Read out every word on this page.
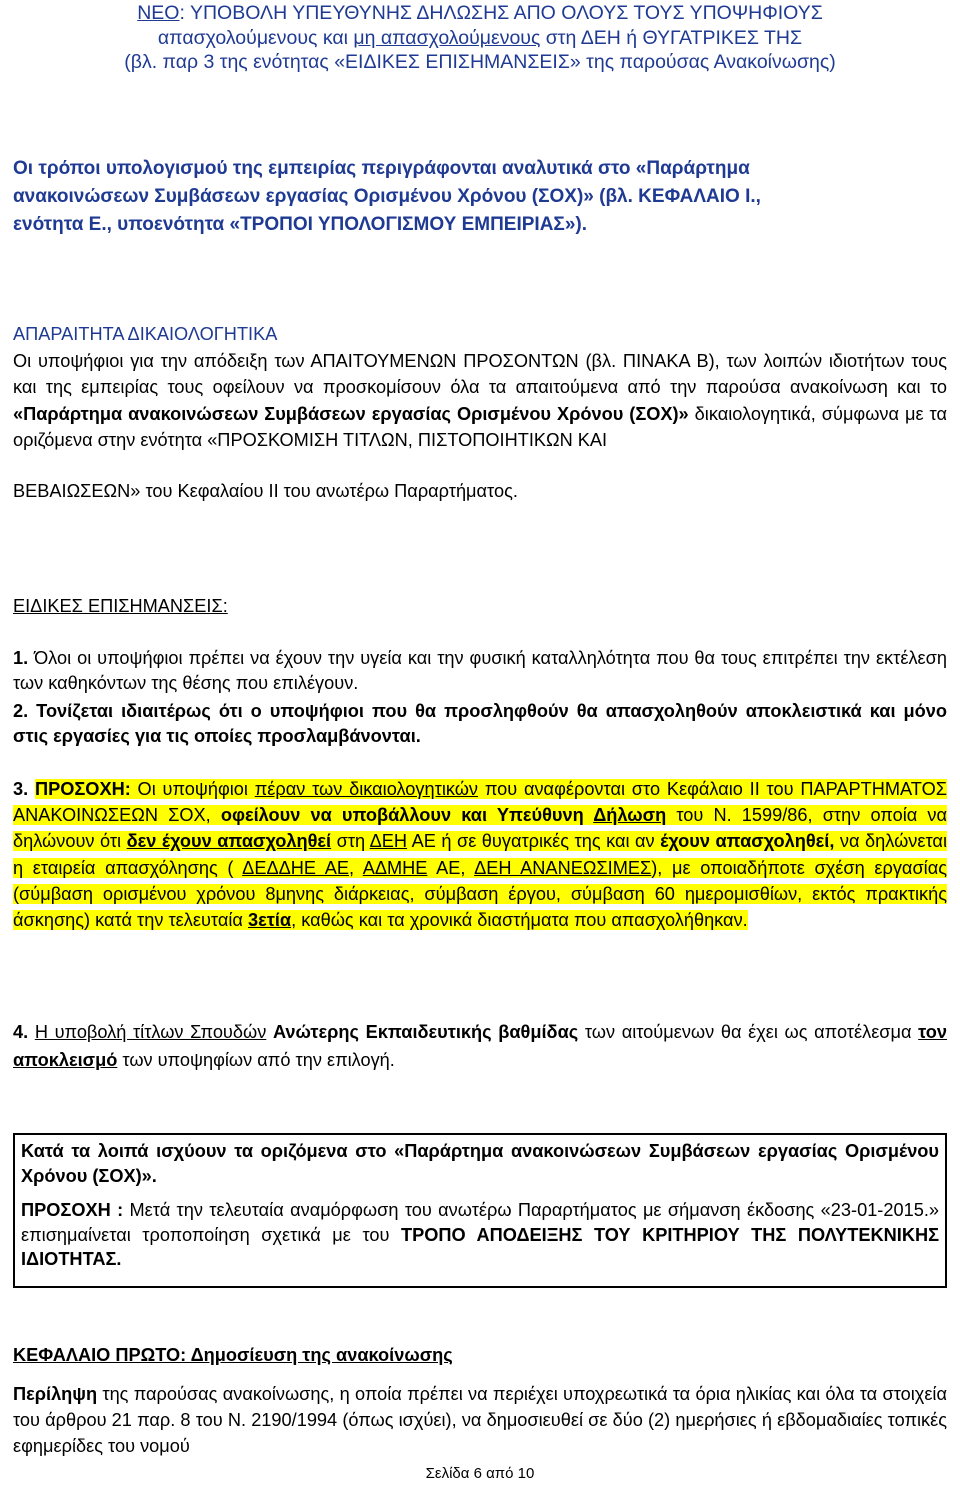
ΝΕΟ: ΥΠΟΒΟΛΗ ΥΠΕΥΘΥΝΗΣ ΔΗΛΩΣΗΣ ΑΠΟ ΟΛΟΥΣ ΤΟΥΣ ΥΠΟΨΗΦΙΟΥΣ
απασχολούμενους και μη απασχολούμενους στη ΔΕΗ ή ΘΥΓΑΤΡΙΚΕΣ ΤΗΣ
(βλ. παρ 3 της ενότητας «ΕΙΔΙΚΕΣ ΕΠΙΣΗΜΑΝΣΕΙΣ» της παρούσας Ανακοίνωσης)
Οι τρόποι υπολογισμού της εμπειρίας περιγράφονται αναλυτικά στο «Παράρτημα
ανακοινώσεων Συμβάσεων εργασίας Ορισμένου Χρόνου (ΣΟΧ)» (βλ. ΚΕΦΑΛΑΙΟ Ι.,
ενότητα Ε., υποενότητα «ΤΡΟΠΟΙ ΥΠΟΛΟΓΙΣΜΟΥ ΕΜΠΕΙΡΙΑΣ»).
ΑΠΑΡΑΙΤΗΤΑ ΔΙΚΑΙΟΛΟΓΗΤΙΚΑ
Οι υποψήφιοι για την απόδειξη των ΑΠΑΙΤΟΥΜΕΝΩΝ ΠΡΟΣΟΝΤΩΝ (βλ. ΠΙΝΑΚΑ Β), των λοιπών ιδιοτήτων τους και της εμπειρίας τους οφείλουν να προσκομίσουν όλα τα απαιτούμενα από την παρούσα ανακοίνωση και το «Παράρτημα ανακοινώσεων Συμβάσεων εργασίας Ορισμένου Χρόνου (ΣΟΧ)» δικαιολογητικά, σύμφωνα με τα οριζόμενα στην ενότητα «ΠΡΟΣΚΟΜΙΣΗ ΤΙΤΛΩΝ, ΠΙΣΤΟΠΟΙΗΤΙΚΩΝ ΚΑΙ
ΒΕΒΑΙΩΣΕΩΝ» του Κεφαλαίου ΙΙ του ανωτέρω Παραρτήματος.
ΕΙΔΙΚΕΣ ΕΠΙΣΗΜΑΝΣΕΙΣ:
1. Όλοι οι υποψήφιοι πρέπει να έχουν την υγεία και την φυσική καταλληλότητα που θα τους επιτρέπει την εκτέλεση των καθηκόντων της θέσης που επιλέγουν.
2. Τονίζεται ιδιαιτέρως ότι ο υποψήφιοι που θα προσληφθούν θα απασχοληθούν αποκλειστικά και μόνο στις εργασίες για τις οποίες προσλαμβάνονται.
3. ΠΡΟΣΟΧΗ: Οι υποψήφιοι πέραν των δικαιολογητικών που αναφέρονται στο Κεφάλαιο ΙΙ του ΠΑΡΑΡΤΗΜΑΤΟΣ ΑΝΑΚΟΙΝΩΣΕΩΝ ΣΟΧ, οφείλουν να υποβάλλουν και Υπεύθυνη Δήλωση του Ν. 1599/86, στην οποία να δηλώνουν ότι δεν έχουν απασχοληθεί στη ΔΕΗ ΑΕ ή σε θυγατρικές της και αν έχουν απασχοληθεί, να δηλώνεται η εταιρεία απασχόλησης ( ΔΕΔΔΗΕ ΑΕ, ΑΔΜΗΕ ΑΕ, ΔΕΗ ΑΝΑΝΕΩΣΙΜΕΣ), με οποιαδήποτε σχέση εργασίας (σύμβαση ορισμένου χρόνου 8μηνης διάρκειας, σύμβαση έργου, σύμβαση 60 ημερομισθίων, εκτός πρακτικής άσκησης) κατά την τελευταία 3ετία, καθώς και τα χρονικά διαστήματα που απασχολήθηκαν.
4. Η υποβολή τίτλων Σπουδών Ανώτερης Εκπαιδευτικής βαθμίδας των αιτούμενων θα έχει ως αποτέλεσμα τον αποκλεισμό των υποψηφίων από την επιλογή.
Κατά τα λοιπά ισχύουν τα οριζόμενα στο «Παράρτημα ανακοινώσεων Συμβάσεων εργασίας Ορισμένου Χρόνου (ΣΟΧ)».
ΠΡΟΣΟΧΗ : Μετά την τελευταία αναμόρφωση του ανωτέρω Παραρτήματος με σήμανση έκδοσης «23-01-2015.» επισημαίνεται τροποποίηση σχετικά με του ΤΡΟΠΟ ΑΠΟΔΕΙΞΗΣ ΤΟΥ ΚΡΙΤΗΡΙΟΥ ΤΗΣ ΠΟΛΥΤΕΚΝΙΚΗΣ ΙΔΙΟΤΗΤΑΣ.
ΚΕΦΑΛΑΙΟ ΠΡΩΤΟ: Δημοσίευση της ανακοίνωσης
Περίληψη της παρούσας ανακοίνωσης, η οποία πρέπει να περιέχει υποχρεωτικά τα όρια ηλικίας και όλα τα στοιχεία του άρθρου 21 παρ. 8 του Ν. 2190/1994 (όπως ισχύει), να δημοσιευθεί σε δύο (2) ημερήσιες ή εβδομαδιαίες τοπικές εφημερίδες του νομού
Σελίδα 6 από 10
